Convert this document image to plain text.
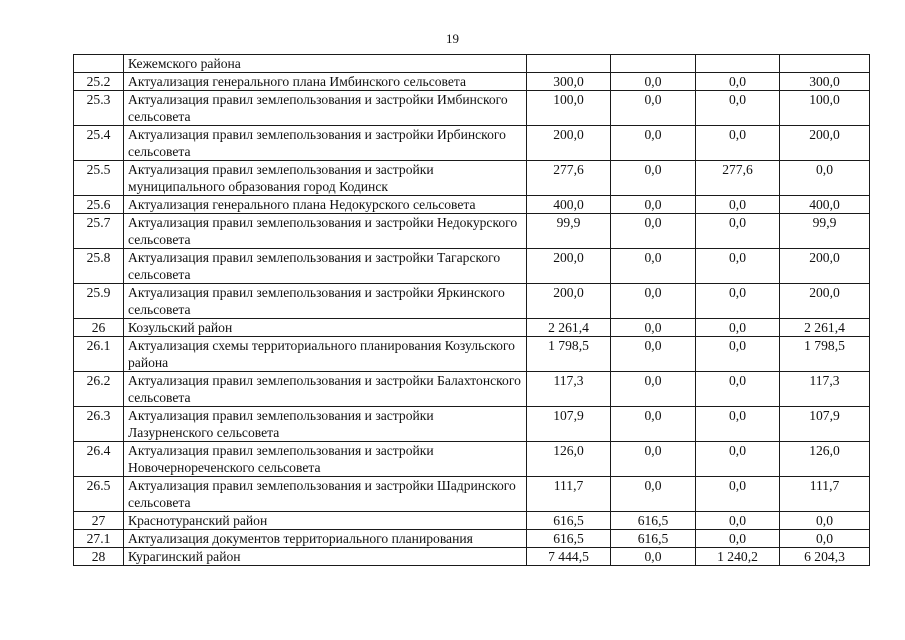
19
	Кежемского района				
25.2	Актуализация генерального плана Имбинского сельсовета	300,0	0,0	0,0	300,0
25.3	Актуализация правил землепользования и застройки Имбинского сельсовета	100,0	0,0	0,0	100,0
25.4	Актуализация правил землепользования и застройки Ирбинского сельсовета	200,0	0,0	0,0	200,0
25.5	Актуализация правил землепользования и застройки муниципального образования город Кодинск	277,6	0,0	277,6	0,0
25.6	Актуализация генерального плана Недокурского сельсовета	400,0	0,0	0,0	400,0
25.7	Актуализация правил землепользования и застройки Недокурского сельсовета	99,9	0,0	0,0	99,9
25.8	Актуализация правил землепользования и застройки Тагарского сельсовета	200,0	0,0	0,0	200,0
25.9	Актуализация правил землепользования и застройки Яркинского сельсовета	200,0	0,0	0,0	200,0
26	Козульский район	2 261,4	0,0	0,0	2 261,4
26.1	Актуализация схемы территориального планирования Козульского района	1 798,5	0,0	0,0	1 798,5
26.2	Актуализация правил землепользования и застройки Балахтонского сельсовета	117,3	0,0	0,0	117,3
26.3	Актуализация правил землепользования и застройки Лазурненского сельсовета	107,9	0,0	0,0	107,9
26.4	Актуализация правил землепользования и застройки Новочернореченского сельсовета	126,0	0,0	0,0	126,0
26.5	Актуализация правил землепользования и застройки Шадринского сельсовета	111,7	0,0	0,0	111,7
27	Краснотуранский район	616,5	616,5	0,0	0,0
27.1	Актуализация документов территориального планирования	616,5	616,5	0,0	0,0
28	Курагинский район	7 444,5	0,0	1 240,2	6 204,3
